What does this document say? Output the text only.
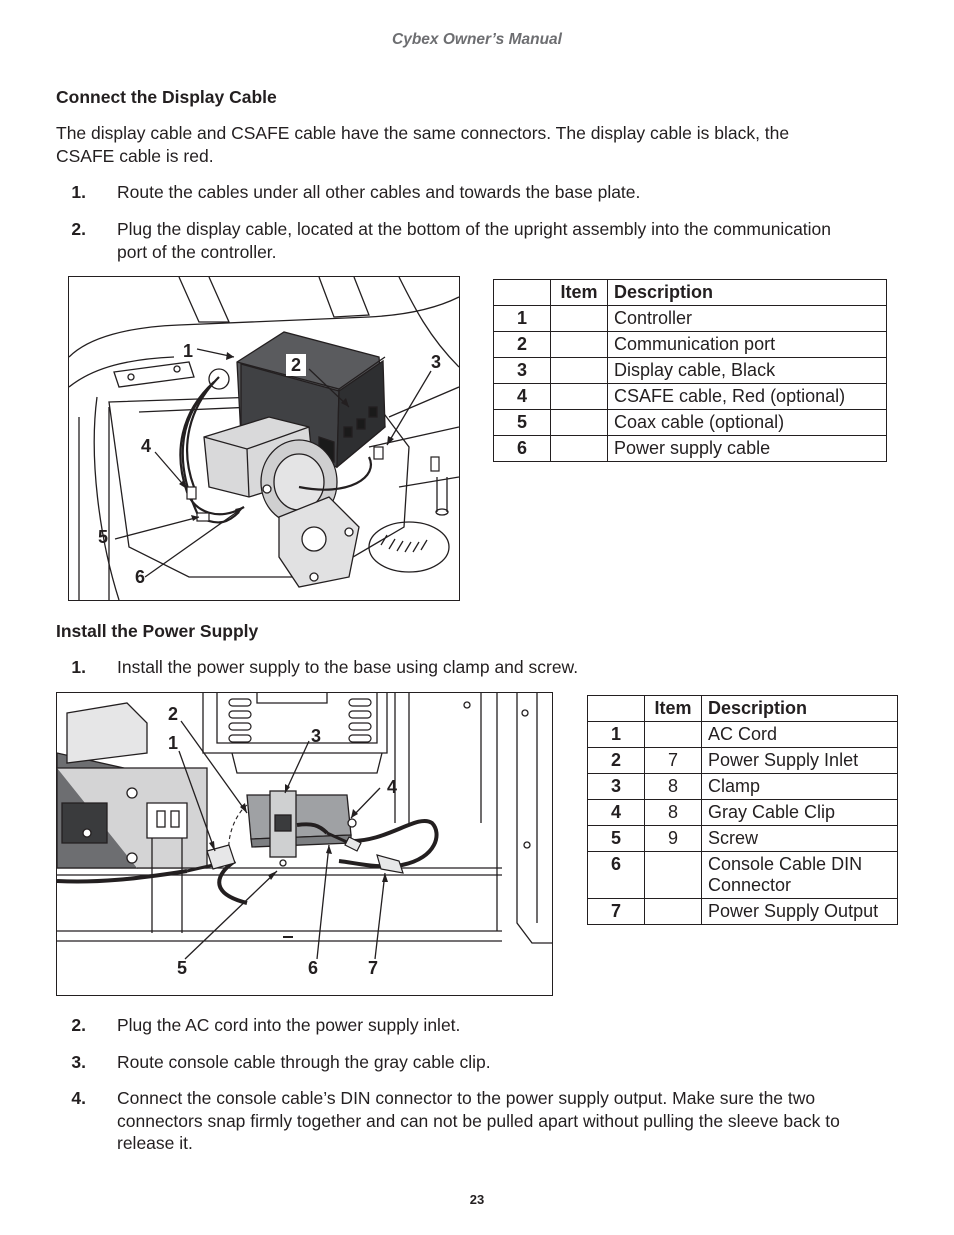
Cybex Owner’s Manual
Connect the Display Cable
The display cable and CSAFE cable have the same connectors. The display cable is black, the
CSAFE cable is red.
1. Route the cables under all other cables and towards the base plate.
2. Plug the display cable, located at the bottom of the upright assembly into the communication
port of the controller.
1
2	3
4
5
6
	Item	Description
1		Controller
2		Communication port
3		Display cable, Black
4		CSAFE cable, Red (optional)
5		Coax cable (optional)
6		Power supply cable
Install the Power Supply
1. Install the power supply to the base using clamp and screw.
1
2
3
4
5	6	7
	Item	Description
1		AC Cord
2	7	Power Supply Inlet
3	8	Clamp
4	8	Gray Cable Clip
5	9	Screw
6		Console Cable DIN
Connector

7		Power Supply Output
2. Plug the AC cord into the power supply inlet.
3. Route console cable through the gray cable clip.
4. Connect the console cable’s DIN connector to the power supply output. Make sure the two
connectors snap firmly together and can not be pulled apart without pulling the sleeve back to
release it.
23
